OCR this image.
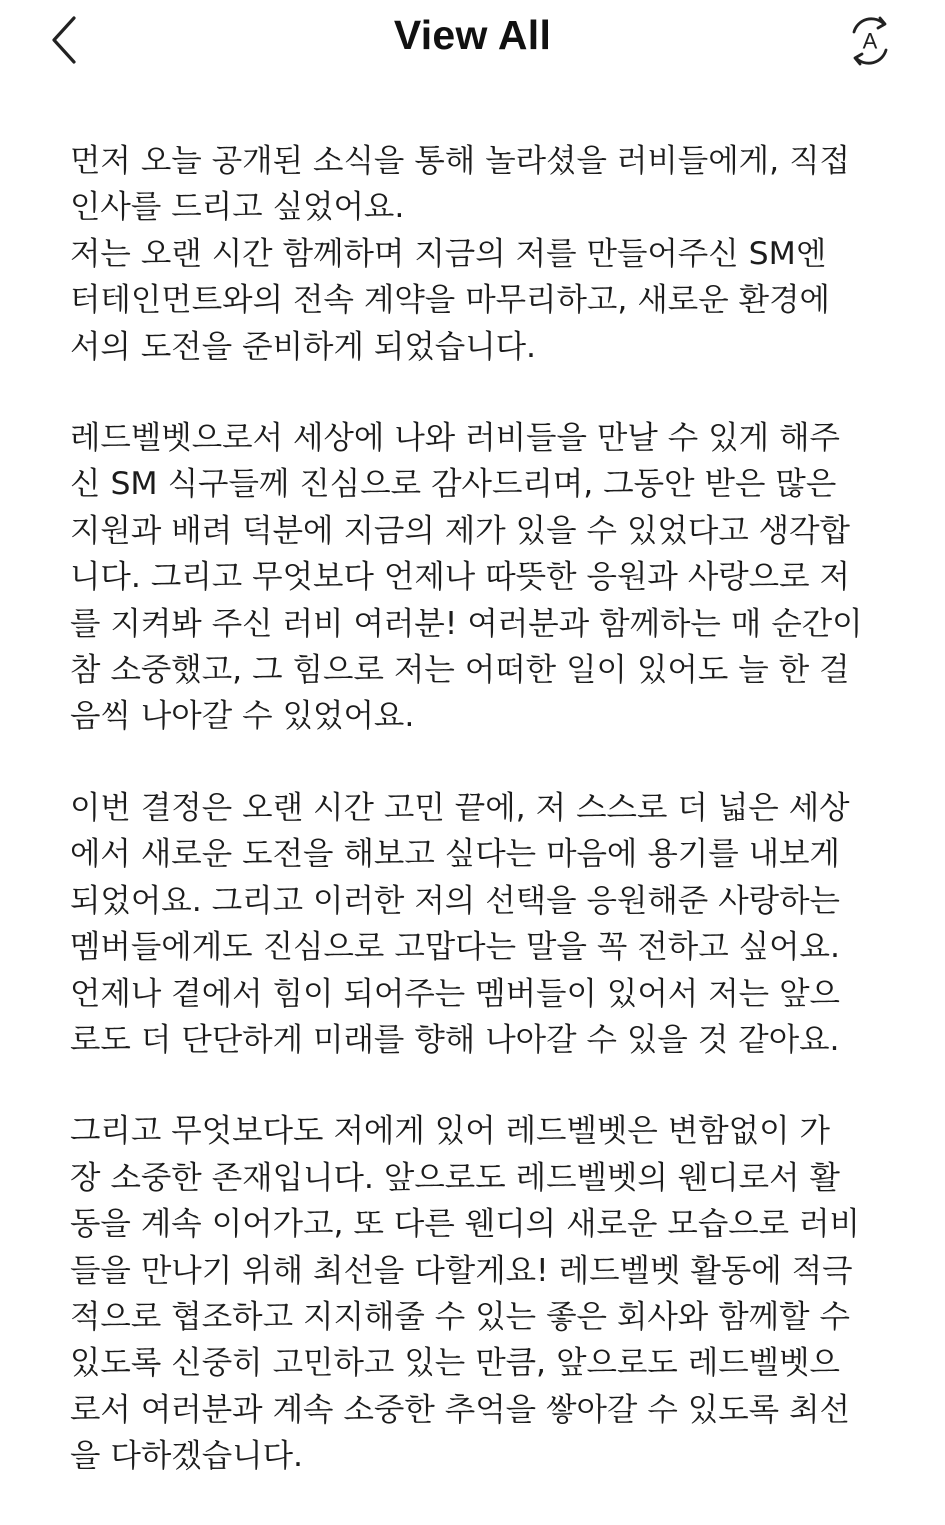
View All	A
먼저 오늘 공개된 소식을 통해 놀라셨을 러비들에게, 직접
인사를 드리고 싶었어요.
저는 오랜 시간 함께하며 지금의 저를 만들어주신 SM엔
터테인먼트와의 전속 계약을 마무리하고, 새로운 환경에
서의 도전을 준비하게 되었습니다.
레드벨벳으로서 세상에 나와 러비들을 만날 수 있게 해주
신 SM 식구들께 진심으로 감사드리며, 그동안 받은 많은
지원과 배려 덕분에 지금의 제가 있을 수 있었다고 생각합
니다. 그리고 무엇보다 언제나 따뜻한 응원과 사랑으로 저
를 지켜봐 주신 러비 여러분! 여러분과 함께하는 매 순간이
참 소중했고, 그 힘으로 저는 어떠한 일이 있어도 늘 한 걸
음씩 나아갈 수 있었어요.
이번 결정은 오랜 시간 고민 끝에, 저 스스로 더 넓은 세상
에서 새로운 도전을 해보고 싶다는 마음에 용기를 내보게
되었어요. 그리고 이러한 저의 선택을 응원해준 사랑하는
멤버들에게도 진심으로 고맙다는 말을 꼭 전하고 싶어요.
언제나 곁에서 힘이 되어주는 멤버들이 있어서 저는 앞으
로도 더 단단하게 미래를 향해 나아갈 수 있을 것 같아요.
그리고 무엇보다도 저에게 있어 레드벨벳은 변함없이 가
장 소중한 존재입니다. 앞으로도 레드벨벳의 웬디로서 활
동을 계속 이어가고, 또 다른 웬디의 새로운 모습으로 러비
들을 만나기 위해 최선을 다할게요! 레드벨벳 활동에 적극
적으로 협조하고 지지해줄 수 있는 좋은 회사와 함께할 수
있도록 신중히 고민하고 있는 만큼, 앞으로도 레드벨벳으
로서 여러분과 계속 소중한 추억을 쌓아갈 수 있도록 최선
을 다하겠습니다.
